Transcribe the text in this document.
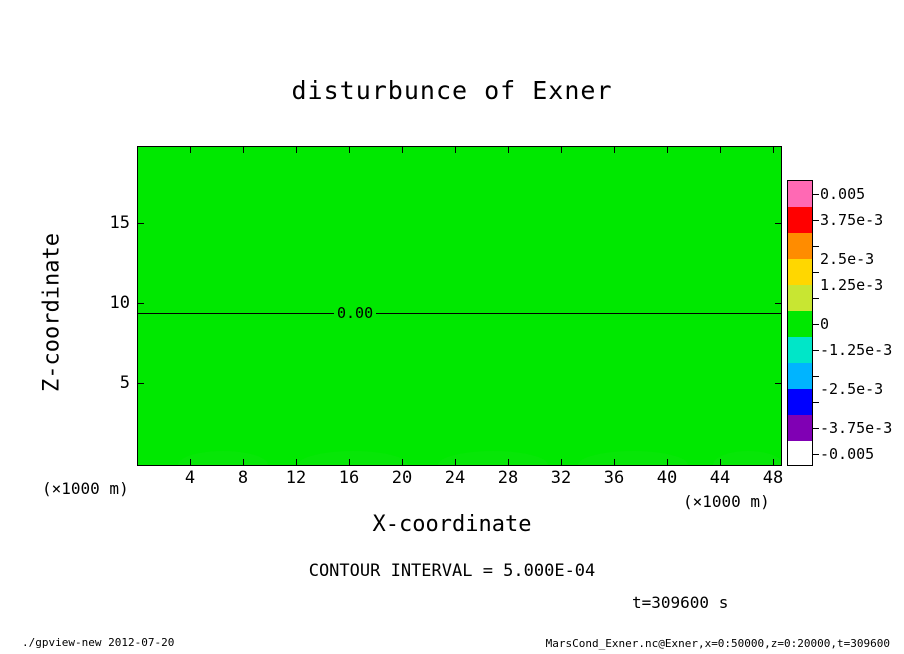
disturbunce of Exner
0.00
4	8 12 16 20 24 28 32 36 40 44 48
5
10
15
X-coordinate
Z-coordinate
(×1000 m)
(×1000 m)
0.005
3.75e-3
2.5e-3
1.25e-3
0
-1.25e-3
-2.5e-3
-3.75e-3
-0.005
CONTOUR INTERVAL = 5.000E-04
t=309600 s
./gpview-new 2012-07-20	MarsCond_Exner.nc@Exner,x=0:50000,z=0:20000,t=309600
